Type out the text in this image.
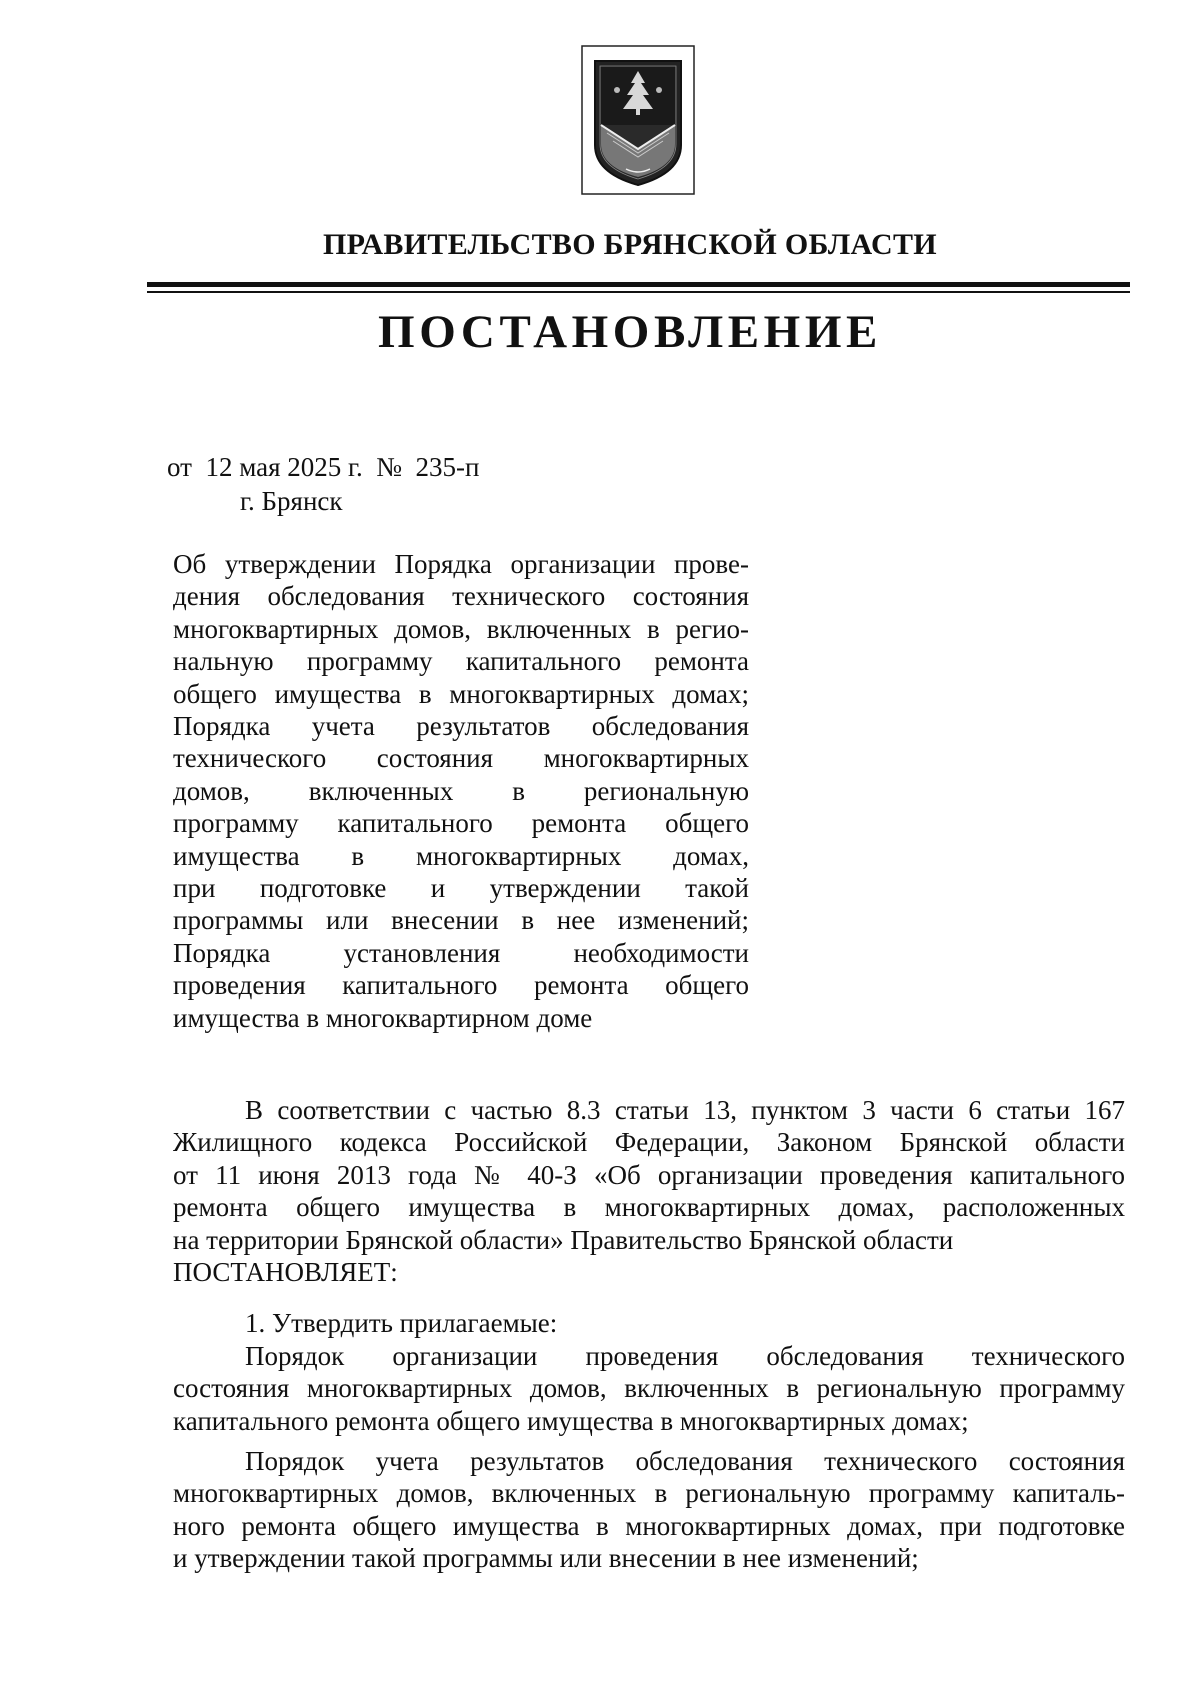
ПРАВИТЕЛЬСТВО БРЯНСКОЙ ОБЛАСТИ
ПОСТАНОВЛЕНИЕ
от  12 мая 2025 г.  №  235-п
г. Брянск
Об утверждении Порядка организации прове-
дения обследования технического состояния
многоквартирных домов, включенных в регио-
нальную программу капитального ремонта
общего имущества в многоквартирных домах;
Порядка учета результатов обследования
технического состояния многоквартирных
домов, включенных в региональную
программу капитального ремонта общего
имущества в многоквартирных домах,
при подготовке и утверждении такой
программы или внесении в нее изменений;
Порядка установления необходимости
проведения капитального ремонта общего
имущества в многоквартирном доме
В соответствии с частью 8.3 статьи 13, пунктом 3 части 6 статьи 167
Жилищного кодекса Российской Федерации, Законом Брянской области
от 11 июня 2013 года № 40-З «Об организации проведения капитального
ремонта общего имущества в многоквартирных домах, расположенных
на территории Брянской области» Правительство Брянской области
ПОСТАНОВЛЯЕТ:
1. Утвердить прилагаемые:
Порядок организации проведения обследования технического
состояния многоквартирных домов, включенных в региональную программу
капитального ремонта общего имущества в многоквартирных домах;
Порядок учета результатов обследования технического состояния
многоквартирных домов, включенных в региональную программу капиталь-
ного ремонта общего имущества в многоквартирных домах, при подготовке
и утверждении такой программы или внесении в нее изменений;
